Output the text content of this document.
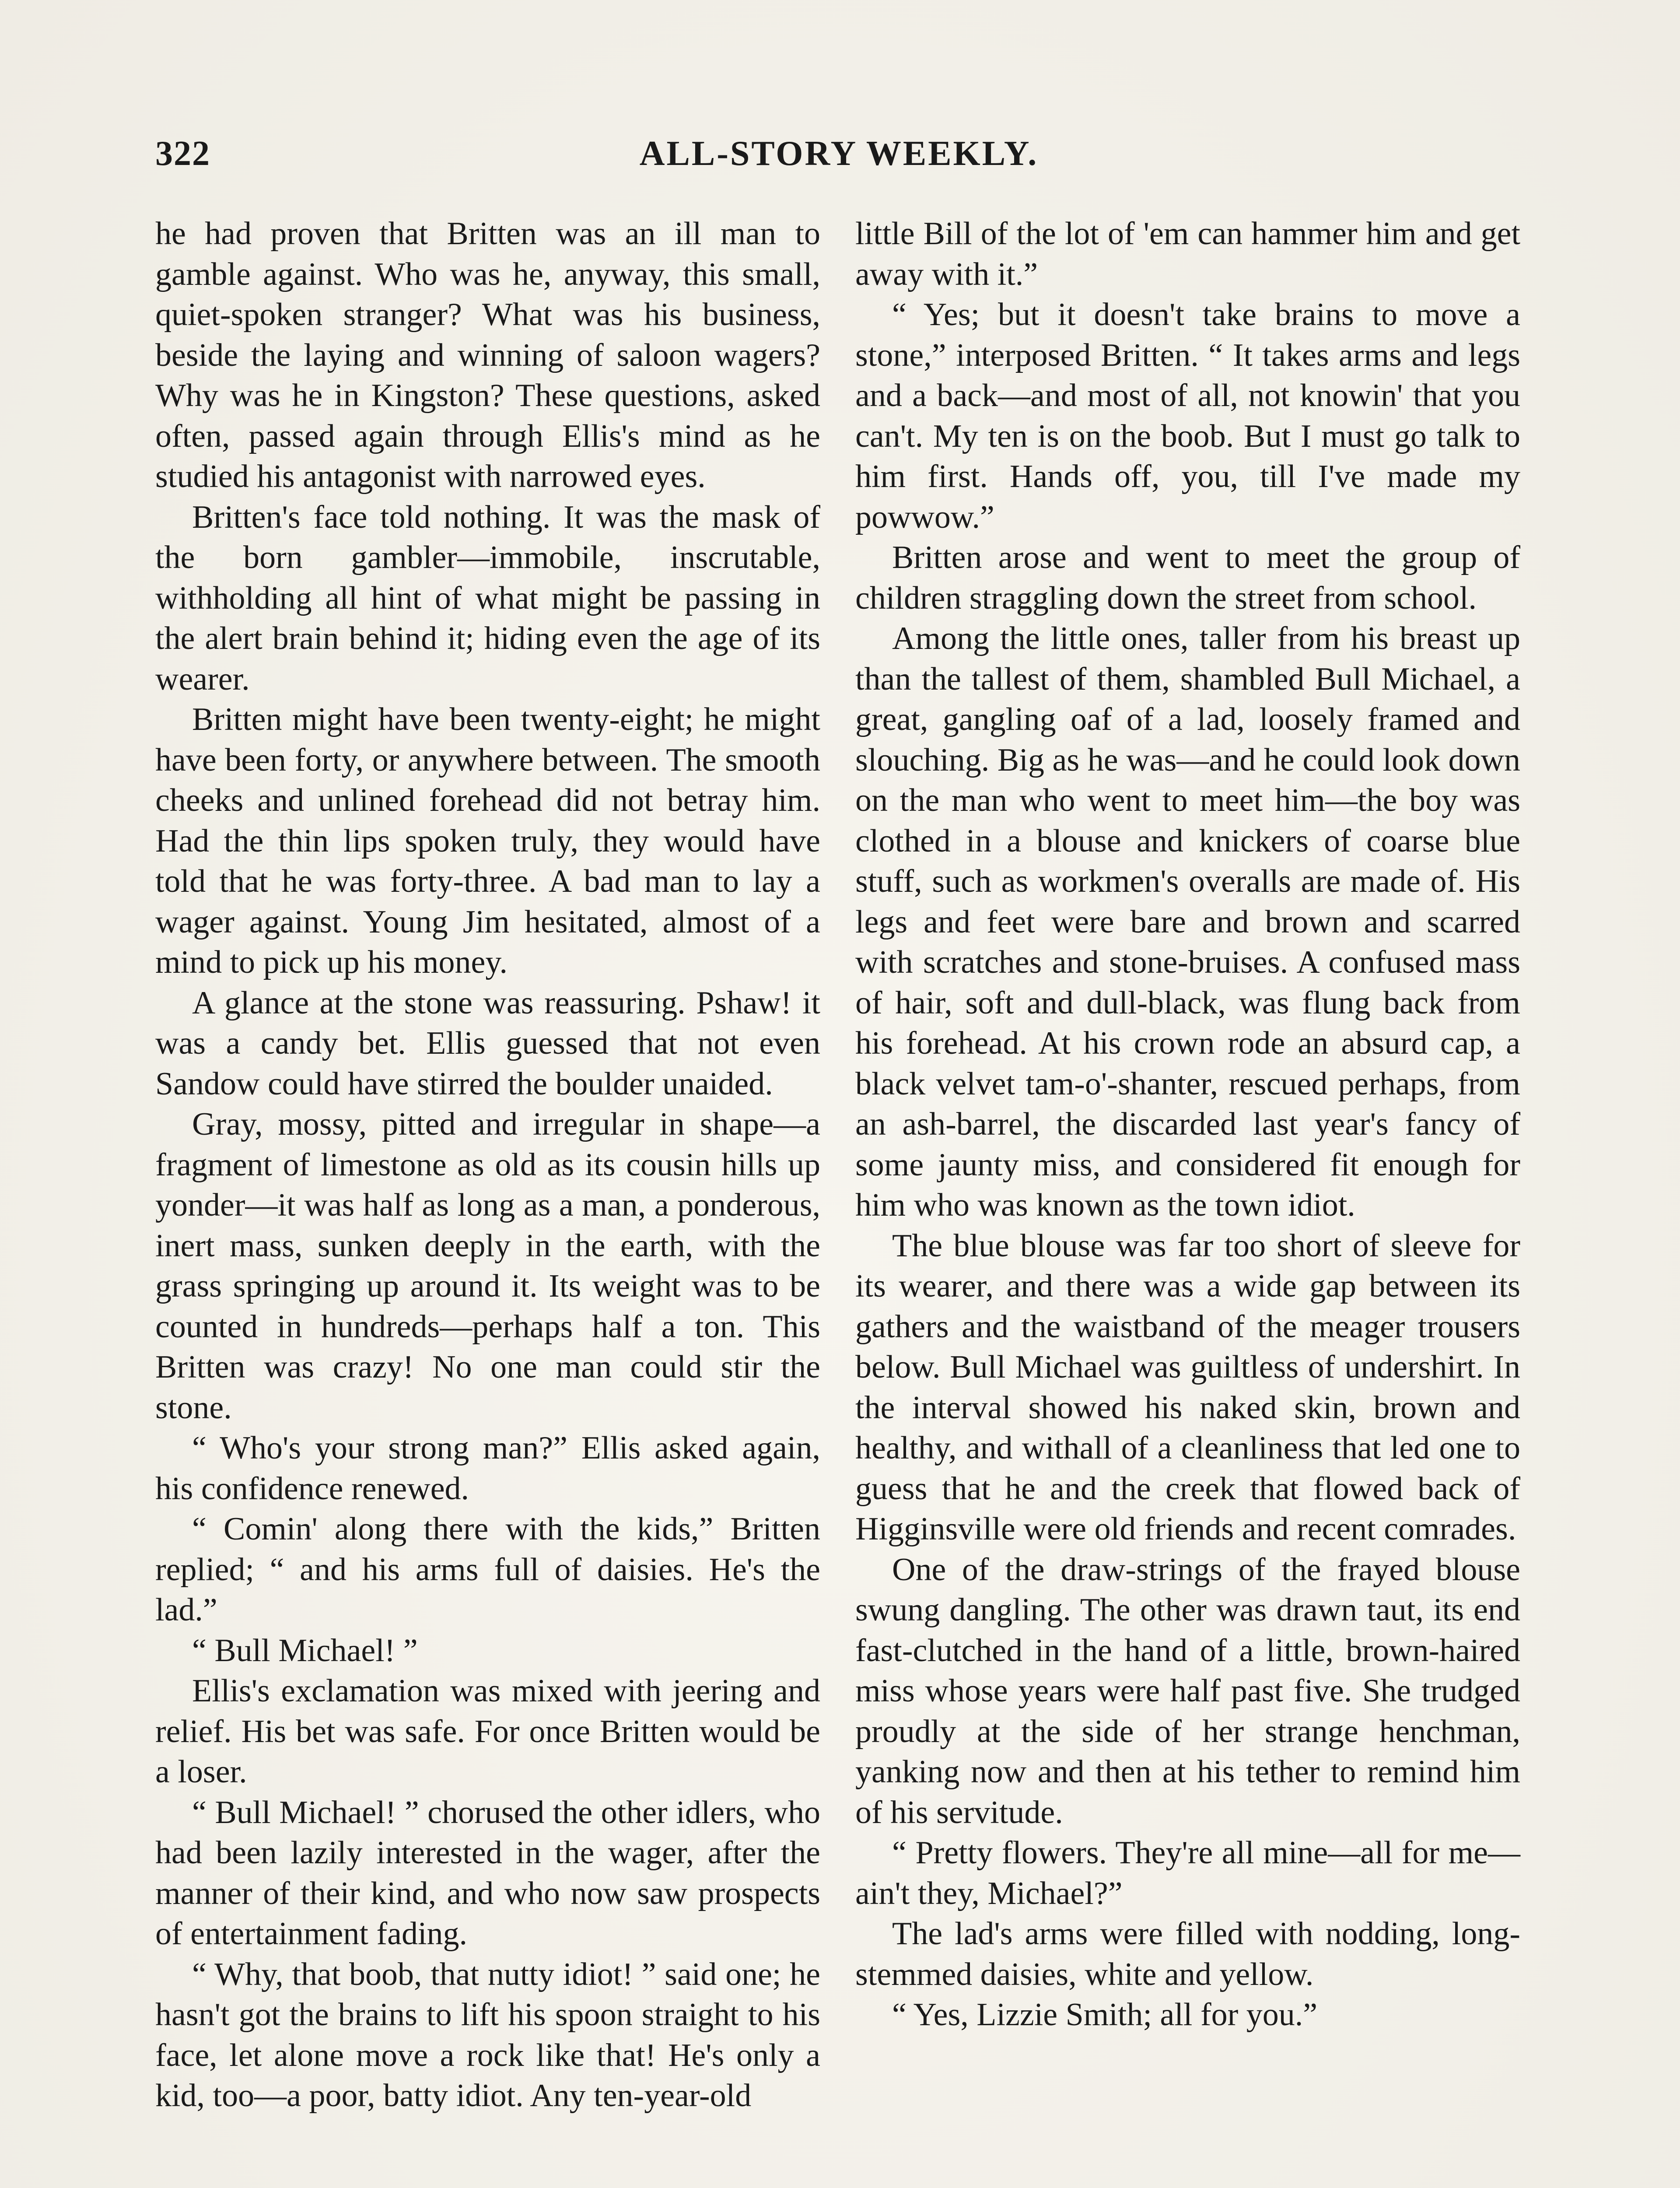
322	ALL-STORY WEEKLY.

he had proven that Britten was an ill man to gamble against. Who was he, anyway, this small, quiet-spoken stranger? What was his business, beside the laying and winning of saloon wagers? Why was he in Kingston? These questions, asked often, passed again through Ellis's mind as he studied his antagonist with narrowed eyes.

Britten's face told nothing. It was the mask of the born gambler—immobile, inscrutable, withholding all hint of what might be passing in the alert brain behind it; hiding even the age of its wearer.

Britten might have been twenty-eight; he might have been forty, or anywhere between. The smooth cheeks and unlined forehead did not betray him. Had the thin lips spoken truly, they would have told that he was forty-three. A bad man to lay a wager against. Young Jim hesitated, almost of a mind to pick up his money.

A glance at the stone was reassuring. Pshaw! it was a candy bet. Ellis guessed that not even Sandow could have stirred the boulder unaided.

Gray, mossy, pitted and irregular in shape—a fragment of limestone as old as its cousin hills up yonder—it was half as long as a man, a ponderous, inert mass, sunken deeply in the earth, with the grass springing up around it. Its weight was to be counted in hundreds—perhaps half a ton. This Britten was crazy! No one man could stir the stone.

“ Who's your strong man?” Ellis asked again, his confidence renewed.

“ Comin' along there with the kids,” Britten replied; “ and his arms full of daisies. He's the lad.”

“ Bull Michael! ”

Ellis's exclamation was mixed with jeering and relief. His bet was safe. For once Britten would be a loser.

“ Bull Michael! ” chorused the other idlers, who had been lazily interested in the wager, after the manner of their kind, and who now saw prospects of entertainment fading.

“ Why, that boob, that nutty idiot! ” said one; he hasn't got the brains to lift his spoon straight to his face, let alone move a rock like that! He's only a kid, too—a poor, batty idiot. Any ten-year-old

little Bill of the lot of 'em can hammer him and get away with it.”

“ Yes; but it doesn't take brains to move a stone,” interposed Britten. “ It takes arms and legs and a back—and most of all, not knowin' that you can't. My ten is on the boob. But I must go talk to him first. Hands off, you, till I've made my powwow.”

Britten arose and went to meet the group of children straggling down the street from school.

Among the little ones, taller from his breast up than the tallest of them, shambled Bull Michael, a great, gangling oaf of a lad, loosely framed and slouching. Big as he was—and he could look down on the man who went to meet him—the boy was clothed in a blouse and knickers of coarse blue stuff, such as workmen's overalls are made of. His legs and feet were bare and brown and scarred with scratches and stone-bruises. A confused mass of hair, soft and dull-black, was flung back from his forehead. At his crown rode an absurd cap, a black velvet tam-o'-shanter, rescued perhaps, from an ash-barrel, the discarded last year's fancy of some jaunty miss, and considered fit enough for him who was known as the town idiot.

The blue blouse was far too short of sleeve for its wearer, and there was a wide gap between its gathers and the waistband of the meager trousers below. Bull Michael was guiltless of undershirt. In the interval showed his naked skin, brown and healthy, and withall of a cleanliness that led one to guess that he and the creek that flowed back of Higginsville were old friends and recent comrades.

One of the draw-strings of the frayed blouse swung dangling. The other was drawn taut, its end fast-clutched in the hand of a little, brown-haired miss whose years were half past five. She trudged proudly at the side of her strange henchman, yanking now and then at his tether to remind him of his servitude.

“ Pretty flowers. They're all mine—all for me—ain't they, Michael?”

The lad's arms were filled with nodding, long-stemmed daisies, white and yellow.

“ Yes, Lizzie Smith; all for you.”
